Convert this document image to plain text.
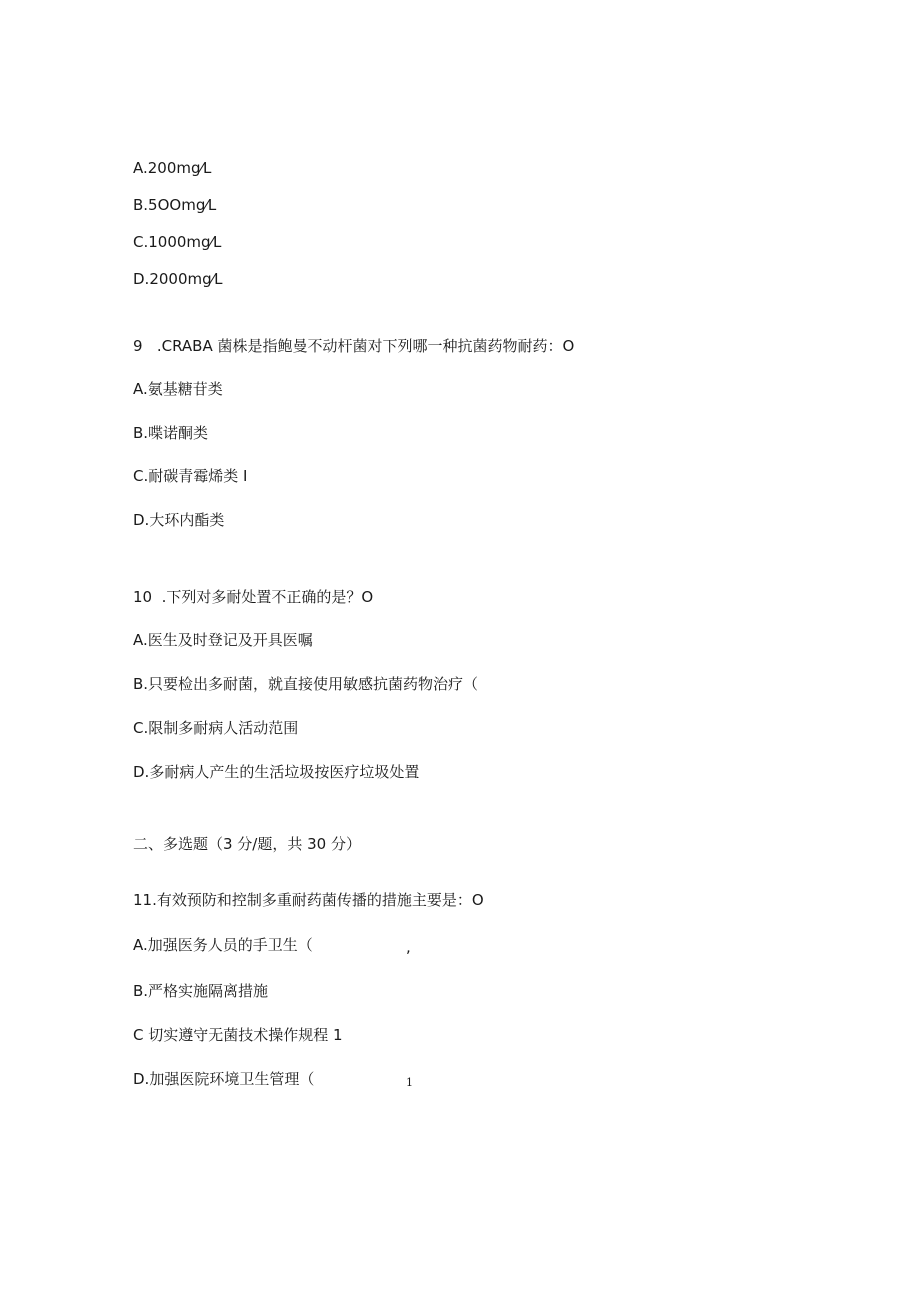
A.200mg⁄L
B.5OOmg⁄L
C.1000mg⁄L
D.2000mg⁄L
9   .CRABA 菌株是指鲍曼不动杆菌对下列哪一种抗菌药物耐药：O
A.氨基糖苷类
B.喋诺酮类
C.耐碳青霉烯类 I
D.大环内酯类
10  .下列对多耐处置不正确的是？O
A.医生及时登记及开具医嘱
B.只要检出多耐菌，就直接使用敏感抗菌药物治疗（
C.限制多耐病人活动范围
D.多耐病人产生的生活垃圾按医疗垃圾处置
二、多选题（3 分/题，共 30 分）
11.有效预防和控制多重耐药菌传播的措施主要是：O
A.加强医务人员的手卫生（	,
B.严格实施隔离措施
C 切实遵守无菌技术操作规程 1
D.加强医院环境卫生管理（	1
